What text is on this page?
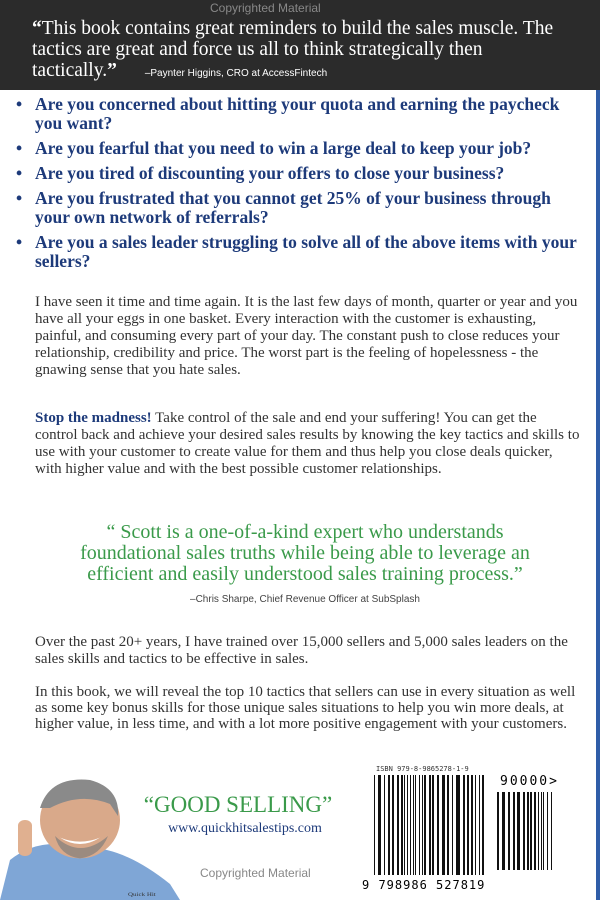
“This book contains great reminders to build the sales muscle. The tactics are great and force us all to think strategically then tactically.”	–Paynter Higgins, CRO at AccessFintech
Copyrighted Material
• Are you concerned about hitting your quota and earning the paycheck you want?
• Are you fearful that you need to win a large deal to keep your job?
• Are you tired of discounting your offers to close your business?
• Are you frustrated that you cannot get 25% of your business through your own network of referrals?
• Are you a sales leader struggling to solve all of the above items with your sellers?

I have seen it time and time again. It is the last few days of month, quarter or year and you have all your eggs in one basket. Every interaction with the customer is exhausting, painful, and consuming every part of your day. The constant push to close reduces your relationship, credibility and price. The worst part is the feeling of hopelessness - the gnawing sense that you hate sales.

Stop the madness! Take control of the sale and end your suffering! You can get the control back and achieve your desired sales results by knowing the key tactics and skills to use with your customer to create value for them and thus help you close deals quicker, with higher value and with the best possible customer relationships.

“ Scott is a one-of-a-kind expert who understands foundational sales truths while being able to leverage an efficient and easily understood sales training process.”
–Chris Sharpe, Chief Revenue Officer at SubSplash

Over the past 20+ years, I have trained over 15,000 sellers and 5,000 sales leaders on the sales skills and tactics to be effective in sales.

In this book, we will reveal the top 10 tactics that sellers can use in every situation as well as some key bonus skills for those unique sales situations to help you win more deals, at higher value, in less time, and with a lot more positive engagement with your customers.

Quick Hit
“GOOD SELLING”
www.quickhitsalestips.com
Copyrighted Material
ISBN 979-8-9865278-1-9
9 798986 527819
90000>
